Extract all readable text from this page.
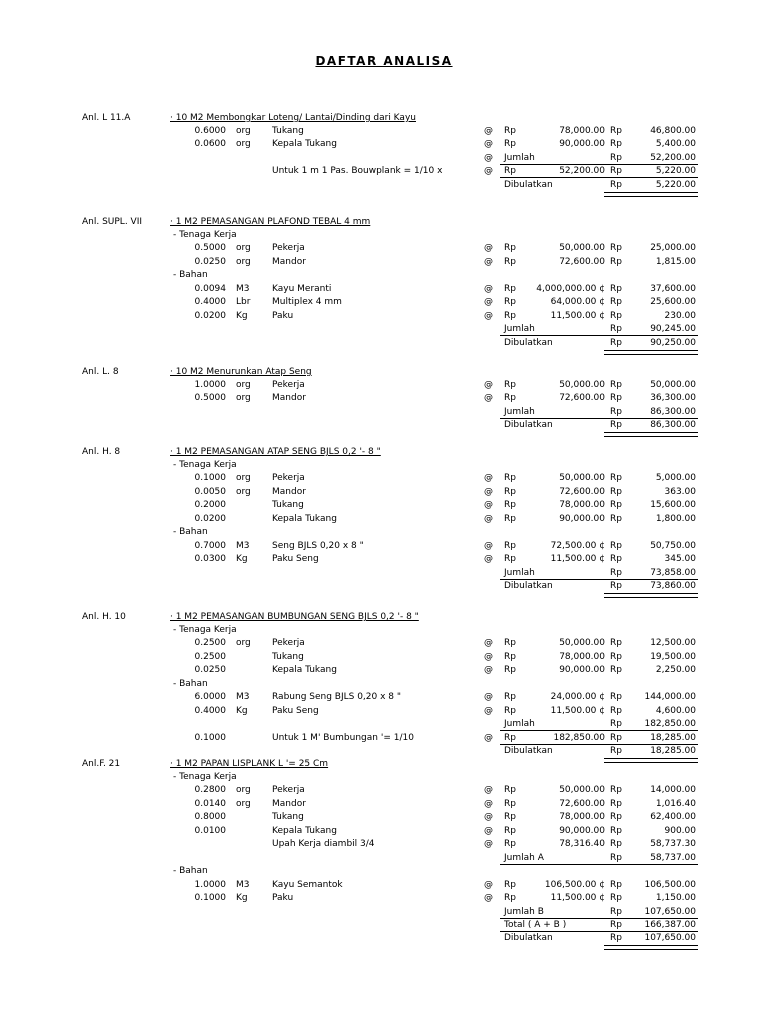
DAFTAR ANALISA
Anl. L 11.A	· 10 M2 Membongkar Loteng/ Lantai/Dinding dari Kayu
0.6000 org Tukang	@ Rp	78,000.00 Rp	46,800.00
0.0600 org Kepala Tukang	@ Rp	90,000.00 Rp	5,400.00
@ Jumlah	Rp	52,200.00
Untuk 1 m 1 Pas. Bouwplank = 1/10 x	@ Rp	52,200.00 Rp	5,220.00
Dibulatkan	Rp	5,220.00
Anl. SUPL. VII	· 1 M2 PEMASANGAN PLAFOND TEBAL 4 mm
- Tenaga Kerja
0.5000 org Pekerja	@ Rp	50,000.00 Rp	25,000.00
0.0250 org Mandor	@ Rp	72,600.00 Rp	1,815.00
- Bahan
0.0094 M3	Kayu Meranti	@ Rp	4,000,000.00 ¢ Rp	37,600.00
0.4000 Lbr Multiplex 4 mm	@ Rp	64,000.00 ¢ Rp	25,600.00
0.0200 Kg	Paku	@ Rp	11,500.00 ¢ Rp	230.00
Jumlah	Rp	90,245.00
Dibulatkan	Rp	90,250.00
Anl. L. 8	· 10 M2 Menurunkan Atap Seng
1.0000 org Pekerja	@ Rp	50,000.00 Rp	50,000.00
0.5000 org Mandor	@ Rp	72,600.00 Rp	36,300.00
Jumlah	Rp	86,300.00
Dibulatkan	Rp	86,300.00
Anl. H. 8	· 1 M2 PEMASANGAN ATAP SENG BJLS 0,2 '- 8 "
- Tenaga Kerja
0.1000 org Pekerja	@ Rp	50,000.00 Rp	5,000.00
0.0050 org Mandor	@ Rp	72,600.00 Rp	363.00
0.2000	Tukang	@ Rp	78,000.00 Rp	15,600.00
0.0200	Kepala Tukang	@ Rp	90,000.00 Rp	1,800.00
- Bahan
0.7000 M3	Seng BJLS 0,20 x 8 "	@ Rp	72,500.00 ¢ Rp	50,750.00
0.0300 Kg	Paku Seng	@ Rp	11,500.00 ¢ Rp	345.00
Jumlah	Rp	73,858.00
Dibulatkan	Rp	73,860.00
Anl. H. 10	· 1 M2 PEMASANGAN BUMBUNGAN SENG BJLS 0,2 '- 8 "
- Tenaga Kerja
0.2500 org Pekerja	@ Rp	50,000.00 Rp	12,500.00
0.2500	Tukang	@ Rp	78,000.00 Rp	19,500.00
0.0250	Kepala Tukang	@ Rp	90,000.00 Rp	2,250.00
- Bahan
6.0000 M3	Rabung Seng BJLS 0,20 x 8 "	@ Rp	24,000.00 ¢ Rp	144,000.00
0.4000 Kg	Paku Seng	@ Rp	11,500.00 ¢ Rp	4,600.00
Jumlah	Rp	182,850.00
0.1000	Untuk 1 M' Bumbungan '= 1/10	@ Rp	182,850.00 Rp	18,285.00
Dibulatkan	Rp	18,285.00
Anl.F. 21	· 1 M2 PAPAN LISPLANK L '= 25 Cm
- Tenaga Kerja
0.2800 org Pekerja	@ Rp	50,000.00 Rp	14,000.00
0.0140 org Mandor	@ Rp	72,600.00 Rp	1,016.40
0.8000	Tukang	@ Rp	78,000.00 Rp	62,400.00
0.0100	Kepala Tukang	@ Rp	90,000.00 Rp	900.00
Upah Kerja diambil 3/4	@ Rp	78,316.40 Rp	58,737.30
Jumlah A	Rp	58,737.00
- Bahan
1.0000 M3	Kayu Semantok	@ Rp	106,500.00 ¢ Rp	106,500.00
0.1000 Kg	Paku	@ Rp	11,500.00 ¢ Rp	1,150.00
Jumlah B	Rp	107,650.00
Total ( A + B )	Rp	166,387.00
Dibulatkan	Rp	107,650.00
